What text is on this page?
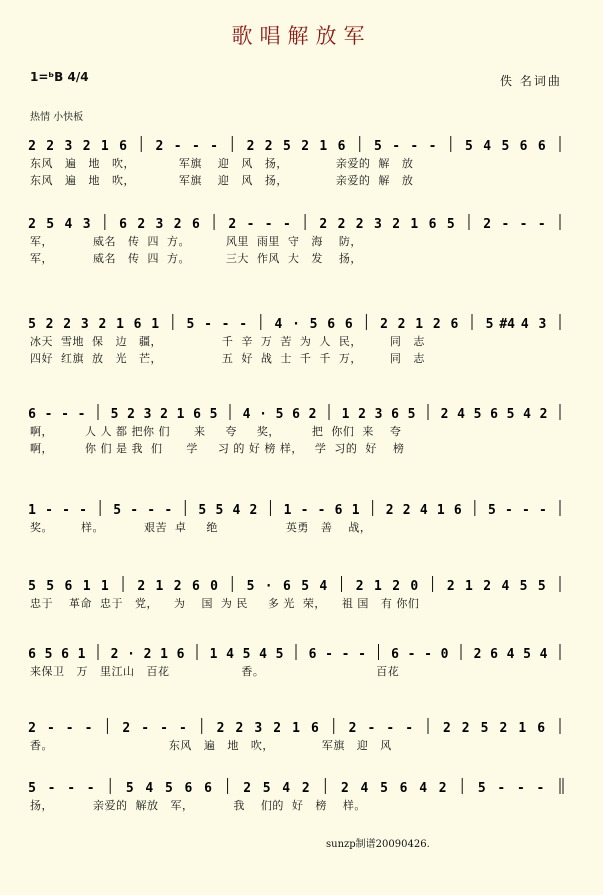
歌唱解放军
1=ᵇB 4/4	佚 名词曲
热情 小快板
2 2 3 2 1 6 2 - - - 2 2 5 2 1 6 5 - - - 5 4 5 6 6
东风   遍   地   吹，           军旗    迎   风   扬，            亲爱的  解   放
东风   遍   地   吹，           军旗    迎   风   扬，            亲爱的  解   放
2 5 4 3 6 2 3 2 6 2 - - - 2 2 2 3 2 1 6 5 2 - - -
军，          威名   传  四  方。         风里  雨里  守   海    防，
军，          威名   传  四  方。         三大  作风  大   发    扬，
5 2 2 3 2 1 6 1 5 - - - 4 · 5 6 6 2 2 1 2 6 5 #4 4 3
冰天  雪地  保   边   疆，               千  辛  万  苦  为  人  民，       同   志
四好  红旗  放   光   芒，               五  好  战  士  千  千  万，       同   志
6 - - - 5 2 3 2 1 6 5 4 · 5 6 2 1 2 3 6 5 2 4 5 6 5 4 2
啊，        人 人 都 把你 们      来     夸     奖，        把  你们  来    夸
啊，        你 们 是 我  们      学     习 的 好 榜 样，   学  习的  好    榜
1 - - - 5 - - - 5 5 4 2 1 - - 6 1 2 2 4 1 6 5 - - -
奖。       样。          艰苦  卓     绝                 英勇   善    战，
5 5 6 1 1 2 1 2 6 0 5 · 6 5 4 2 1 2 0 2 1 2 4 5 5
忠于    革命  忠于   党，    为    国  为 民     多 光  荣，    祖 国   有 你们
6 5 6 1 2 · 2 1 6 1 4 5 4 5 6 - - - 6 - - 0 2 6 4 5 4
来保卫   万   里江山   百花                  香。                            百花
2 - - - 2 - - - 2 2 3 2 1 6 2 - - - 2 2 5 2 1 6
香。                             东风   遍   地   吹，            军旗   迎   风
5 - - - 5 4 5 6 6 2 5 4 2 2 4 5 6 4 2 5 - - -
扬，          亲爱的  解放   军，          我    们的  好   榜    样。
sunzp制谱20090426.
